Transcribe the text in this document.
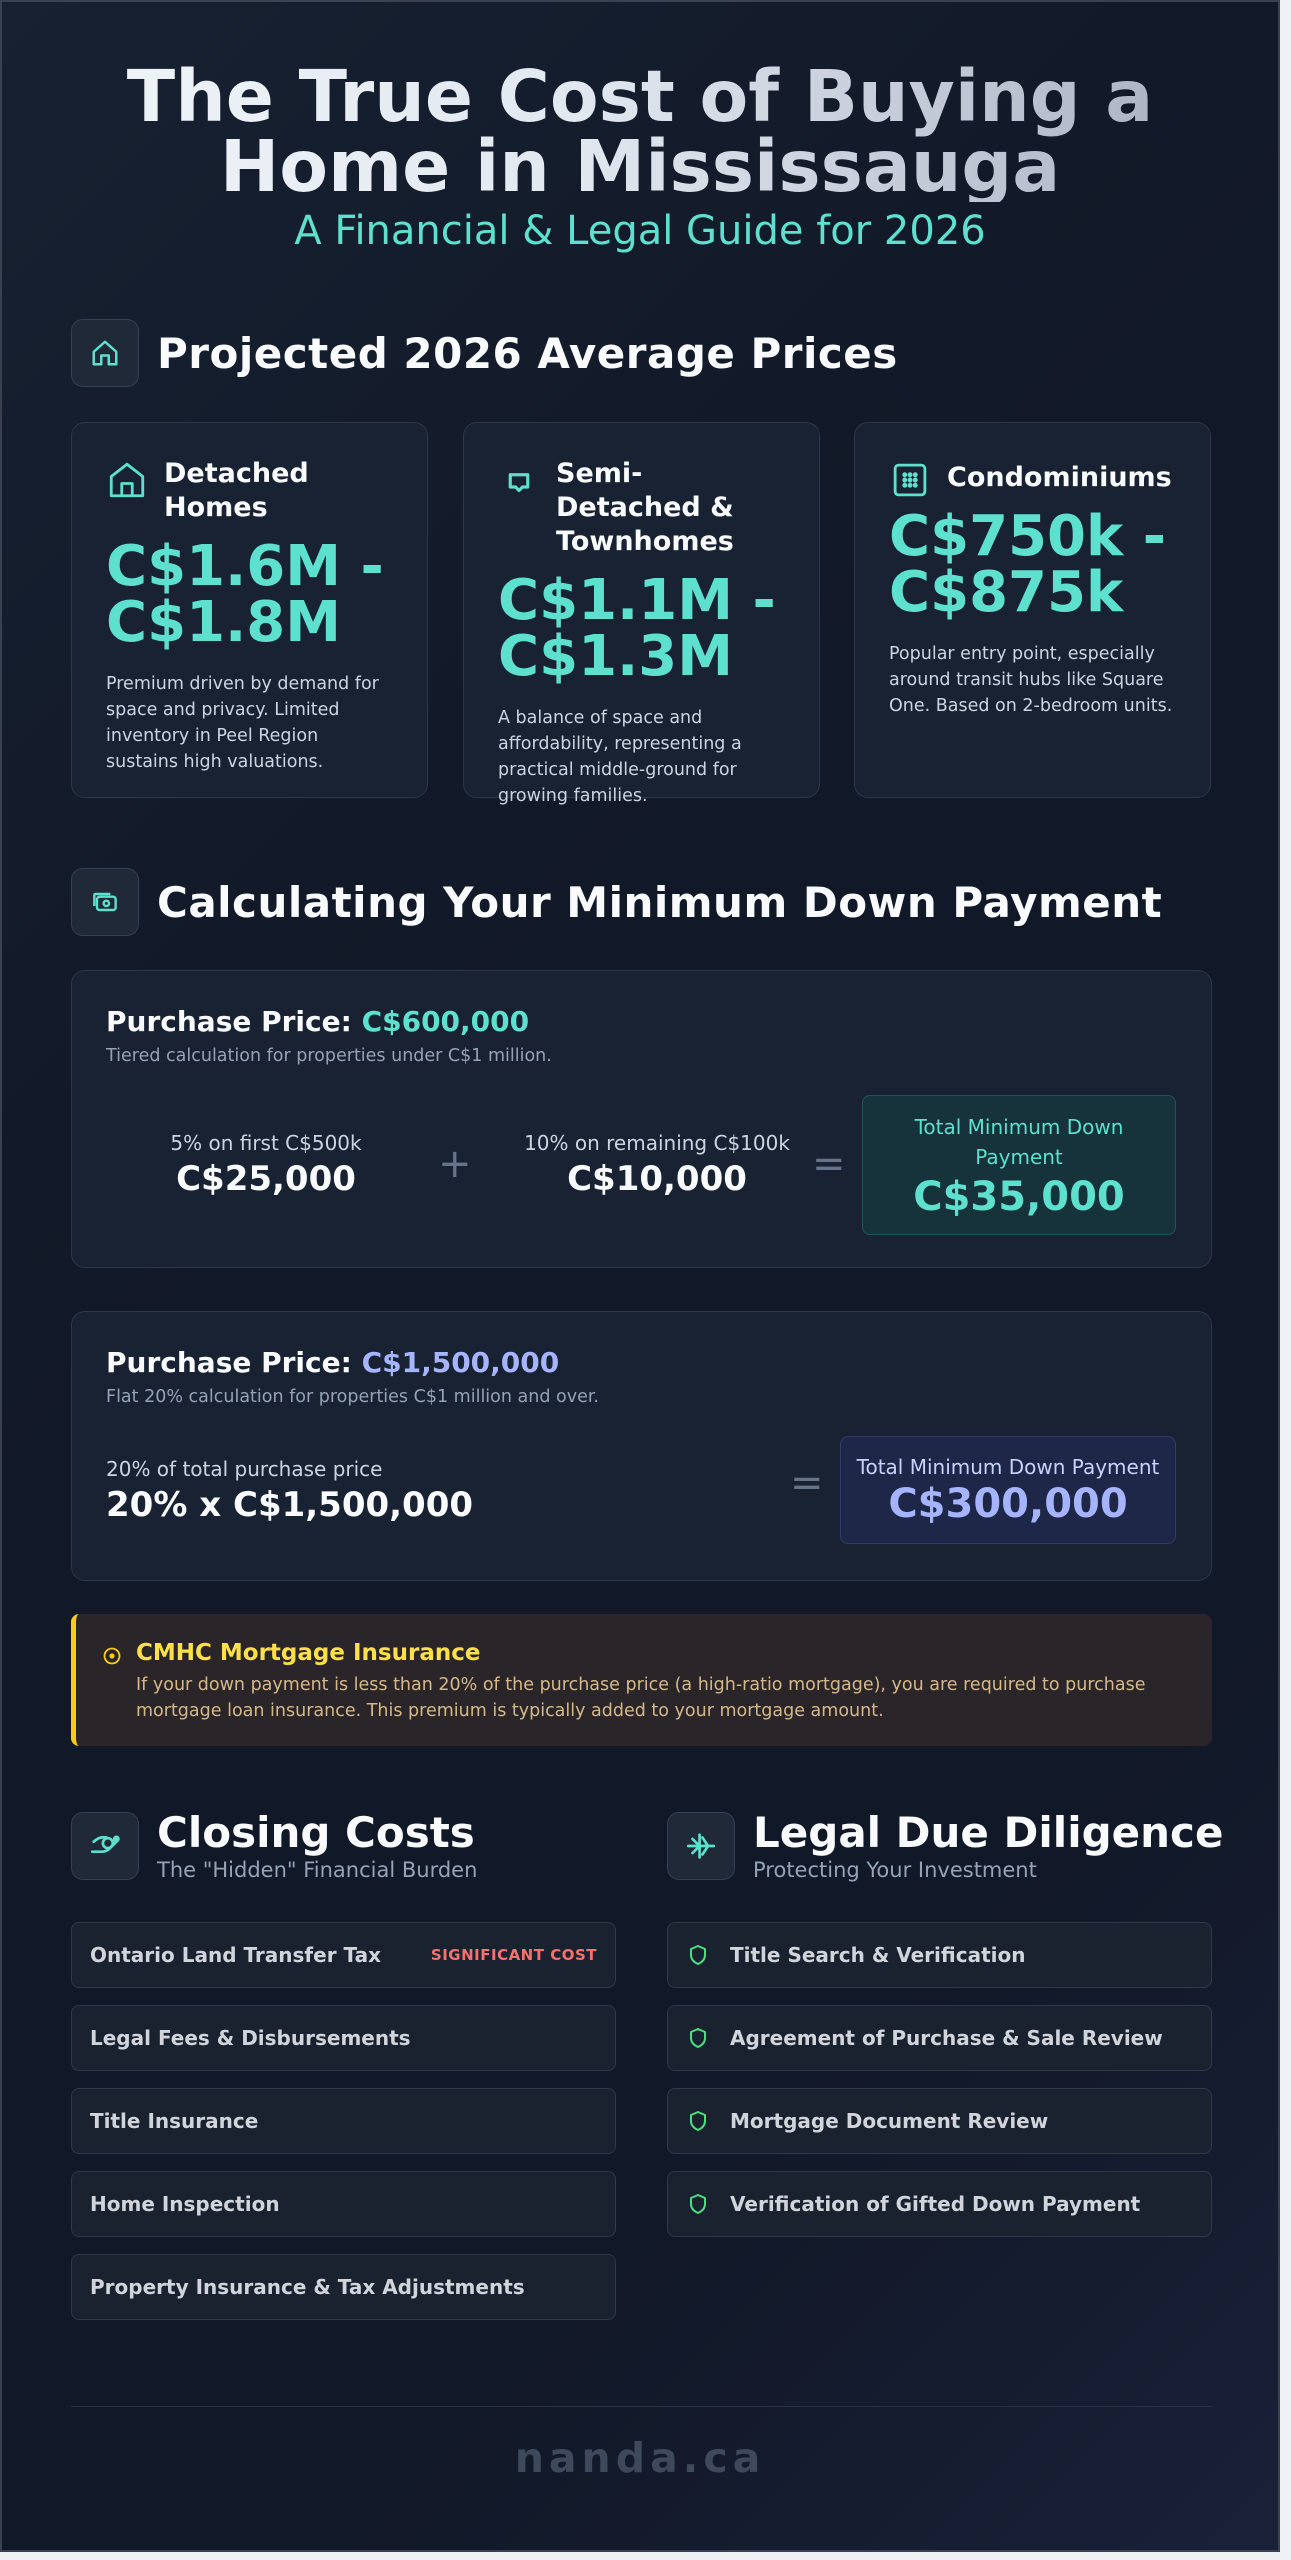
The True Cost of Buying a Home in Mississauga
A Financial & Legal Guide for 2026
Projected 2026 Average Prices
Detached Homes
C$1.6M - C$1.8M
Premium driven by demand for space and privacy. Limited inventory in Peel Region sustains high valuations.
Semi-Detached & Townhomes
C$1.1M - C$1.3M
A balance of space and affordability, representing a practical middle-ground for growing families.
Condominiums
C$750k - C$875k
Popular entry point, especially around transit hubs like Square One. Based on 2-bedroom units.
Calculating Your Minimum Down Payment
Purchase Price: C$600,000
Tiered calculation for properties under C$1 million.
5% on first C$500k
C$25,000	+	10% on remaining C$100k
C$10,000	=
Total Minimum Down Payment
C$35,000
Purchase Price: C$1,500,000
Flat 20% calculation for properties C$1 million and over.
20% of total purchase price
20% x C$1,500,000	=	Total Minimum Down Payment
C$300,000
CMHC Mortgage Insurance
If your down payment is less than 20% of the purchase price (a high-ratio mortgage), you are required to purchase mortgage loan insurance. This premium is typically added to your mortgage amount.
Closing Costs
The "Hidden" Financial Burden
Ontario Land Transfer Tax	SIGNIFICANT COST
Legal Fees & Disbursements
Title Insurance
Home Inspection
Property Insurance & Tax Adjustments
Legal Due Diligence
Protecting Your Investment
Title Search & Verification
Agreement of Purchase & Sale Review
Mortgage Document Review
Verification of Gifted Down Payment
nanda.ca
